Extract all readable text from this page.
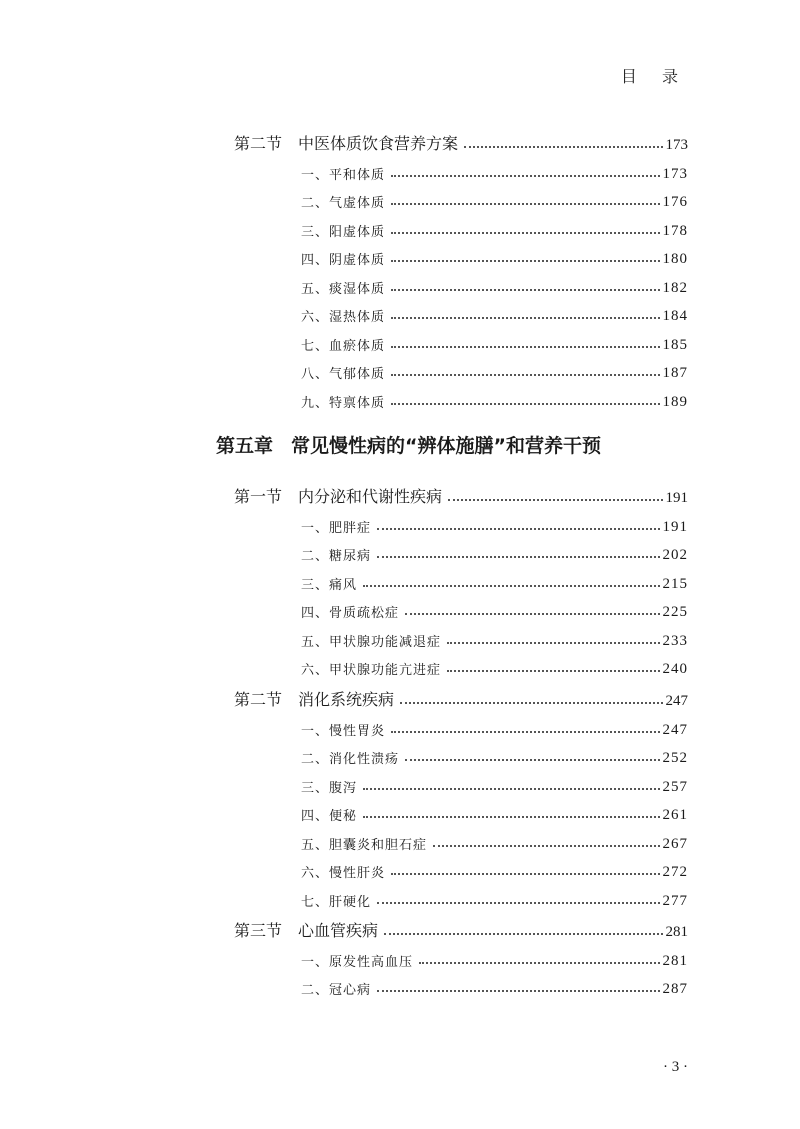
目 录
第二节 中医体质饮食营养方案	173
一、平和体质	173
二、气虚体质	176
三、阳虚体质	178
四、阴虚体质	180
五、痰湿体质	182
六、湿热体质	184
七、血瘀体质	185
八、气郁体质	187
九、特禀体质	189
第一节 内分泌和代谢性疾病	191
一、肥胖症	191
二、糖尿病	202
三、痛风	215
四、骨质疏松症	225
五、甲状腺功能减退症	233
六、甲状腺功能亢进症	240
第二节 消化系统疾病	247
一、慢性胃炎	247
二、消化性溃疡	252
三、腹泻	257
四、便秘	261
五、胆囊炎和胆石症	267
六、慢性肝炎	272
七、肝硬化	277
第三节 心血管疾病	281
一、原发性高血压	281
二、冠心病	287
第五章 常见慢性病的“辨体施膳”和营养干预
· 3 ·
